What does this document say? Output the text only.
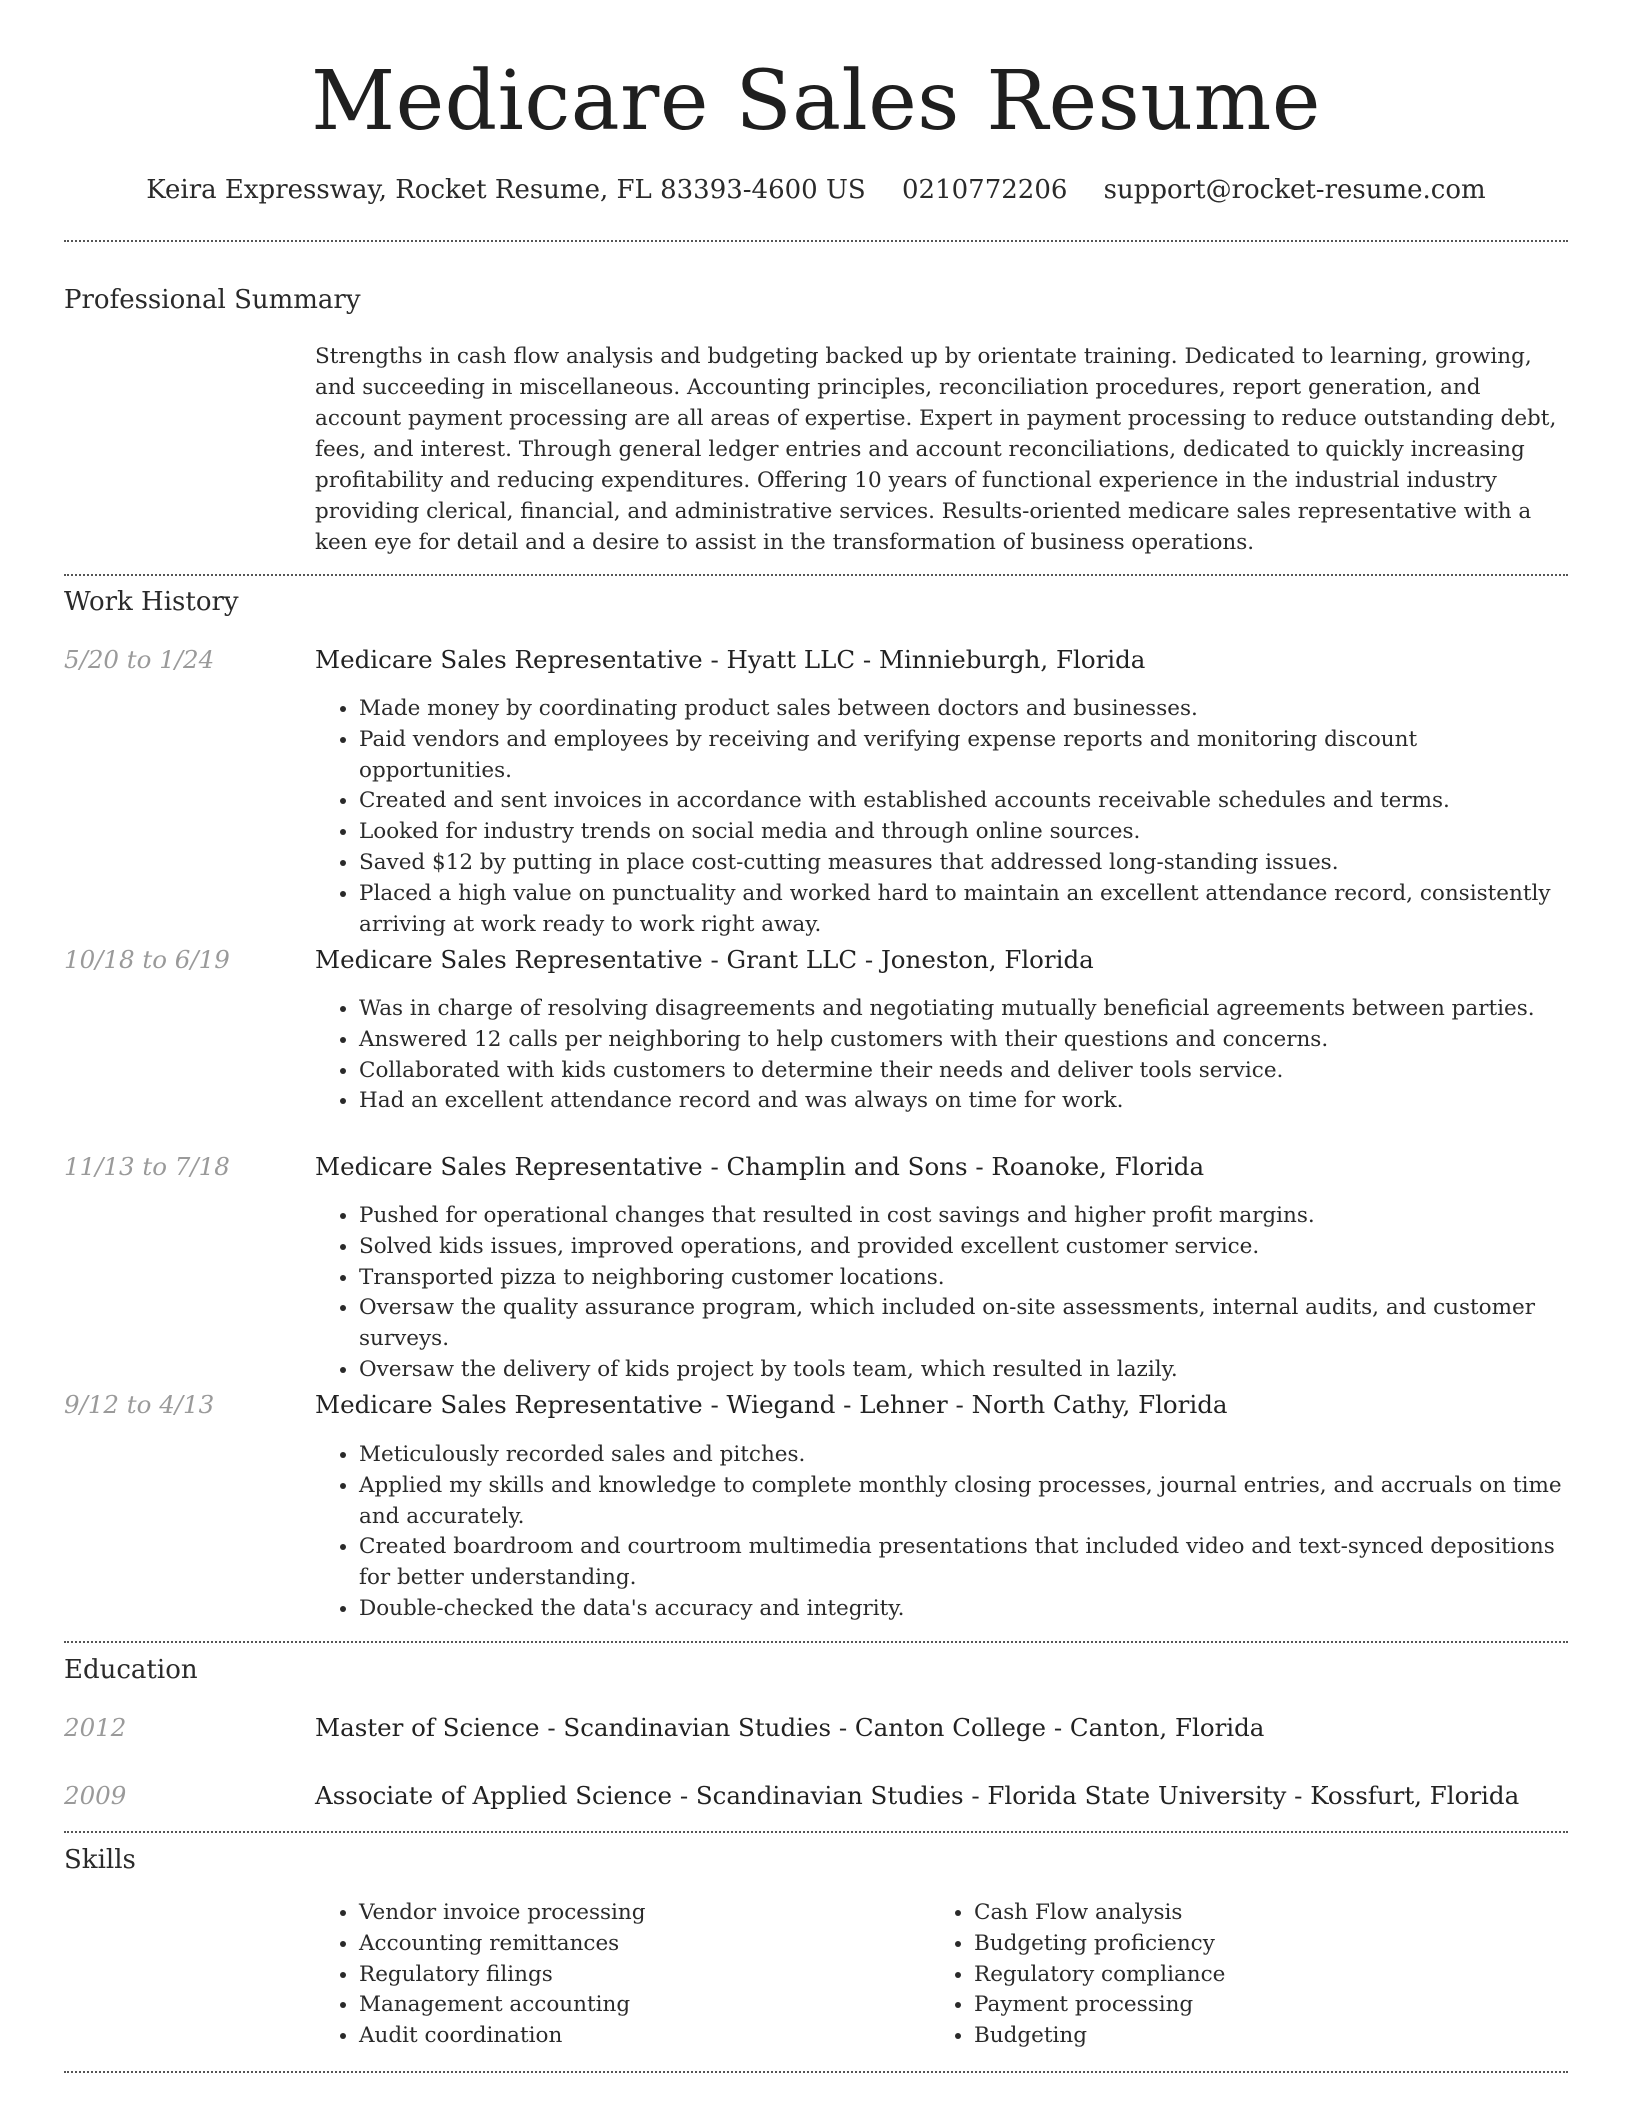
Medicare Sales Resume
Keira Expressway, Rocket Resume, FL 83393-4600 US 0210772206 support@rocket-resume.com
Professional Summary
Strengths in cash flow analysis and budgeting backed up by orientate training. Dedicated to learning, growing, and succeeding in miscellaneous. Accounting principles, reconciliation procedures, report generation, and account payment processing are all areas of expertise. Expert in payment processing to reduce outstanding debt, fees, and interest. Through general ledger entries and account reconciliations, dedicated to quickly increasing profitability and reducing expenditures. Offering 10 years of functional experience in the industrial industry providing clerical, financial, and administrative services. Results-oriented medicare sales representative with a keen eye for detail and a desire to assist in the transformation of business operations.
Work History
5/20 to 1/24	Medicare Sales Representative - Hyatt LLC - Minnieburgh, Florida
• Made money by coordinating product sales between doctors and businesses.
• Paid vendors and employees by receiving and verifying expense reports and monitoring discount opportunities.
• Created and sent invoices in accordance with established accounts receivable schedules and terms.
• Looked for industry trends on social media and through online sources.
• Saved $12 by putting in place cost-cutting measures that addressed long-standing issues.
• Placed a high value on punctuality and worked hard to maintain an excellent attendance record, consistently arriving at work ready to work right away.
10/18 to 6/19	Medicare Sales Representative - Grant LLC - Joneston, Florida
• Was in charge of resolving disagreements and negotiating mutually beneficial agreements between parties.
• Answered 12 calls per neighboring to help customers with their questions and concerns.
• Collaborated with kids customers to determine their needs and deliver tools service.
• Had an excellent attendance record and was always on time for work.
11/13 to 7/18	Medicare Sales Representative - Champlin and Sons - Roanoke, Florida
• Pushed for operational changes that resulted in cost savings and higher profit margins.
• Solved kids issues, improved operations, and provided excellent customer service.
• Transported pizza to neighboring customer locations.
• Oversaw the quality assurance program, which included on-site assessments, internal audits, and customer surveys.
• Oversaw the delivery of kids project by tools team, which resulted in lazily.
9/12 to 4/13	Medicare Sales Representative - Wiegand - Lehner - North Cathy, Florida
• Meticulously recorded sales and pitches.
• Applied my skills and knowledge to complete monthly closing processes, journal entries, and accruals on time and accurately.
• Created boardroom and courtroom multimedia presentations that included video and text-synced depositions for better understanding.
• Double-checked the data's accuracy and integrity.
Education
2012	Master of Science - Scandinavian Studies - Canton College - Canton, Florida
2009	Associate of Applied Science - Scandinavian Studies - Florida State University - Kossfurt, Florida
Skills
• Vendor invoice processing
• Accounting remittances
• Regulatory filings
• Management accounting
• Audit coordination
• Cash Flow analysis
• Budgeting proficiency
• Regulatory compliance
• Payment processing
• Budgeting
